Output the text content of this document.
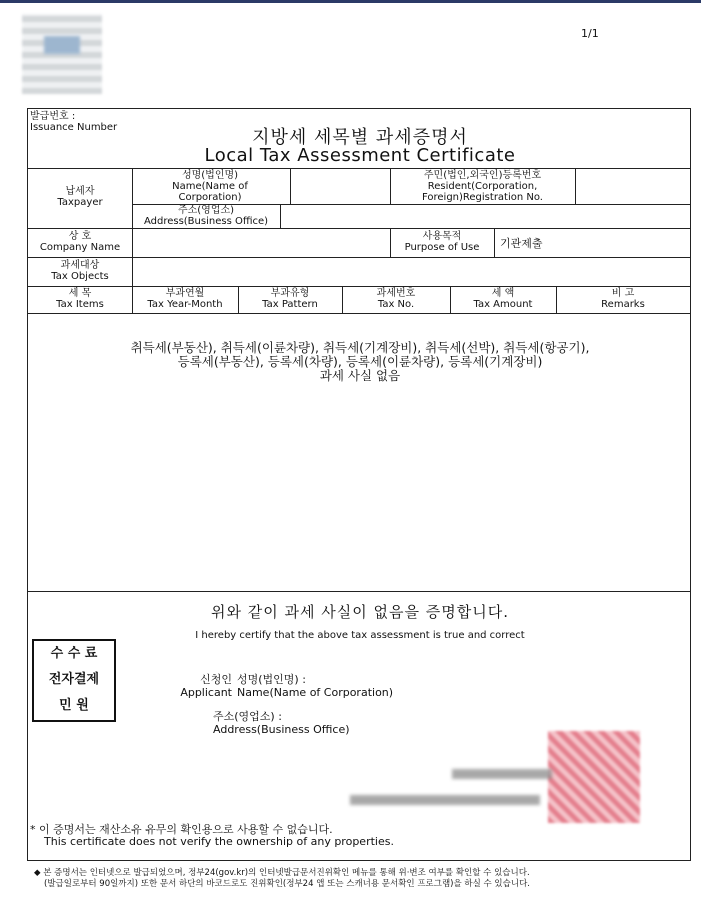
1/1
발급번호 :
Issuance Number	지방세 세목별 과세증명서
Local Tax Assessment Certificate
납세자
Taxpayer
성명(법인명)
Name(Name of Corporation)
주민(법인,외국인)등록번호
Resident(Corporation, Foreign)Registration No.
주소(영업소)
Address(Business Office)
상 호
Company Name
사용목적
Purpose of Use	기관제출
과세대상
Tax Objects
세 목
Tax Items
부과연월
Tax Year-Month
부과유형
Tax Pattern
과세번호
Tax No.
세 액
Tax Amount
비 고
Remarks
취득세(부동산), 취득세(이륜차량), 취득세(기계장비), 취득세(선박), 취득세(항공기),
등록세(부동산), 등록세(차량), 등록세(이륜차량), 등록세(기계장비)
과세 사실 없음
위와 같이 과세 사실이 없음을 증명합니다.
I hereby certify that the above tax assessment is true and correct
수 수 료
전자결제
민 원
신청인
Applicant
성명(법인명) :
Name(Name of Corporation)
주소(영업소) :
Address(Business Office)
* 이 증명서는 재산소유 유무의 확인용으로 사용할 수 없습니다.
This certificate does not verify the ownership of any properties.
◆ 본 증명서는 인터넷으로 발급되었으며, 정부24(gov.kr)의 인터넷발급문서진위확인 메뉴를 통해 위·변조 여부를 확인할 수 있습니다.
(발급일로부터 90일까지) 또한 문서 하단의 바코드로도 진위확인(정부24 앱 또는 스캐너용 문서확인 프로그램)을 하실 수 있습니다.
